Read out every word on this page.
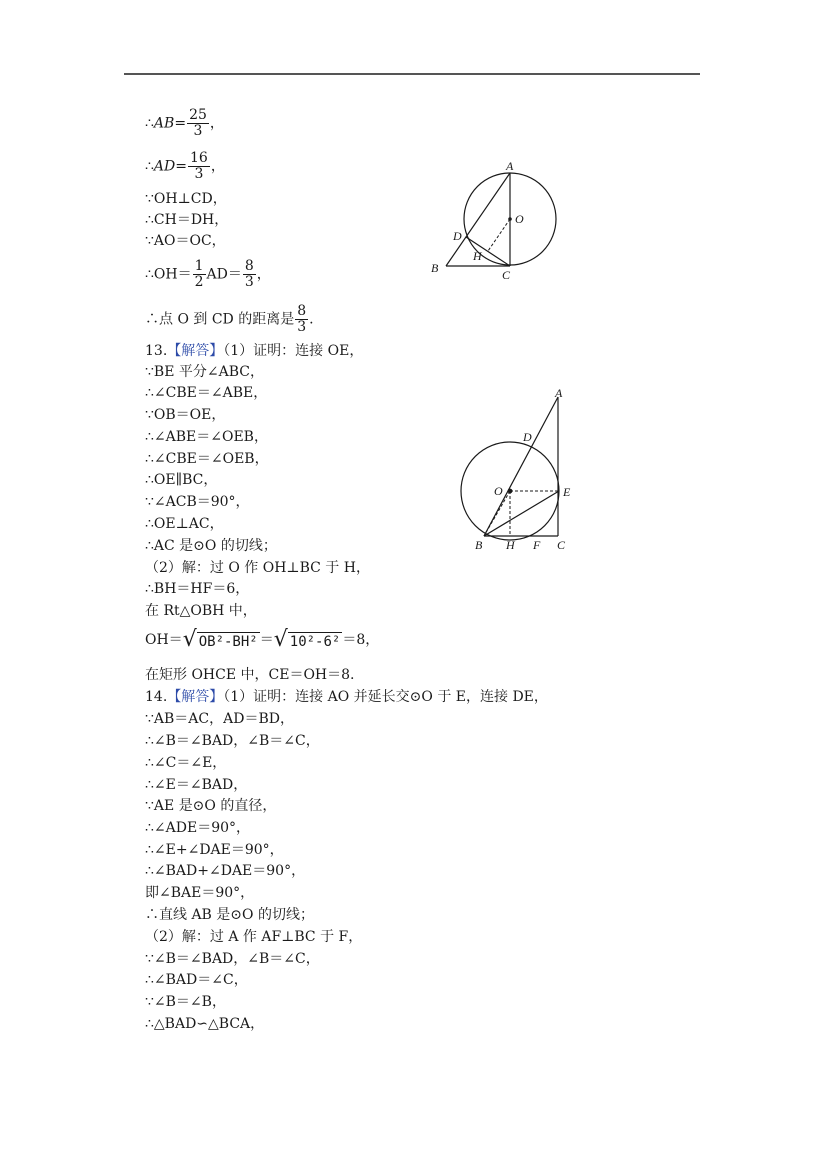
∴AB= $\frac{25}{3}$ ，
∴AD= $\frac{16}{3}$ ，
∵OH⊥CD，
∴CH＝DH，
∵AO＝OC，
∴OH＝ $\frac{1}{2} AD= \frac{8}{3}$ ，
∴点 O 到 CD 的距离是 $\frac{8}{3}$ .
13.【解答】（1）证明：连接 OE，
∵BE 平分∠ABC，
∴∠CBE＝∠ABE，
∵OB＝OE，
∴∠ABE＝∠OEB，
∴∠CBE＝∠OEB，
∴OE∥BC，
∵∠ACB＝90°，
∴OE⊥AC，
∴AC 是⊙O 的切线；
（2）解：过 O 作 OH⊥BC 于 H，
∴BH＝HF＝6，
在 Rt△OBH 中，
OH＝ √ OB²-BH² ＝ √ 10²-6² ＝8，
在矩形 OHCE 中，CE＝OH＝8.
14.【解答】（1）证明：连接 AO 并延长交⊙O 于 E，连接 DE，
∵AB＝AC，AD＝BD，
∴∠B＝∠BAD，∠B＝∠C，
∴∠C＝∠E，
∴∠E＝∠BAD，
∵AE 是⊙O 的直径，
∴∠ADE＝90°，
∴∠E+∠DAE＝90°，
∴∠BAD+∠DAE＝90°，
即∠BAE＝90°，
∴直线 AB 是⊙O 的切线；
（2）解：过 A 作 AF⊥BC 于 F，
∵∠B＝∠BAD，∠B＝∠C，
∴∠BAD＝∠C，
∵∠B＝∠B，
∴△BAD∽△BCA，
A
O
D
H
B	C
A
D
O	E
B H F C
